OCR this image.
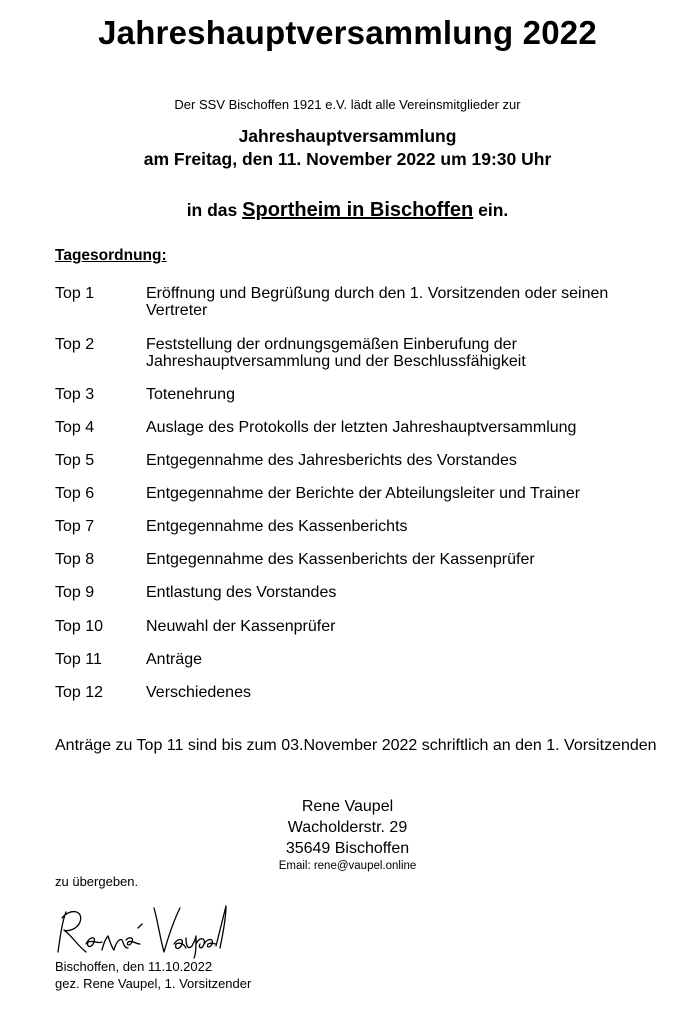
Jahreshauptversammlung 2022
Der SSV Bischoffen 1921 e.V. lädt alle Vereinsmitglieder zur
Jahreshauptversammlung
am Freitag, den 11. November 2022 um 19:30 Uhr
in das Sportheim in Bischoffen ein.
Tagesordnung:
Top 1	Eröffnung und Begrüßung durch den 1. Vorsitzenden oder seinen Vertreter
Top 2	Feststellung der ordnungsgemäßen Einberufung der Jahreshauptversammlung und der Beschlussfähigkeit
Top 3	Totenehrung
Top 4	Auslage des Protokolls der letzten Jahreshauptversammlung
Top 5	Entgegennahme des Jahresberichts des Vorstandes
Top 6	Entgegennahme der Berichte der Abteilungsleiter und Trainer
Top 7	Entgegennahme des Kassenberichts
Top 8	Entgegennahme des Kassenberichts der Kassenprüfer
Top 9	Entlastung des Vorstandes
Top 10	Neuwahl der Kassenprüfer
Top 11	Anträge
Top 12	Verschiedenes
Anträge zu Top 11 sind bis zum 03.November 2022 schriftlich an den 1. Vorsitzenden
Rene Vaupel
Wacholderstr. 29
35649 Bischoffen
Email: rene@vaupel.online
zu übergeben.
Bischoffen, den 11.10.2022
gez. Rene Vaupel, 1. Vorsitzender
